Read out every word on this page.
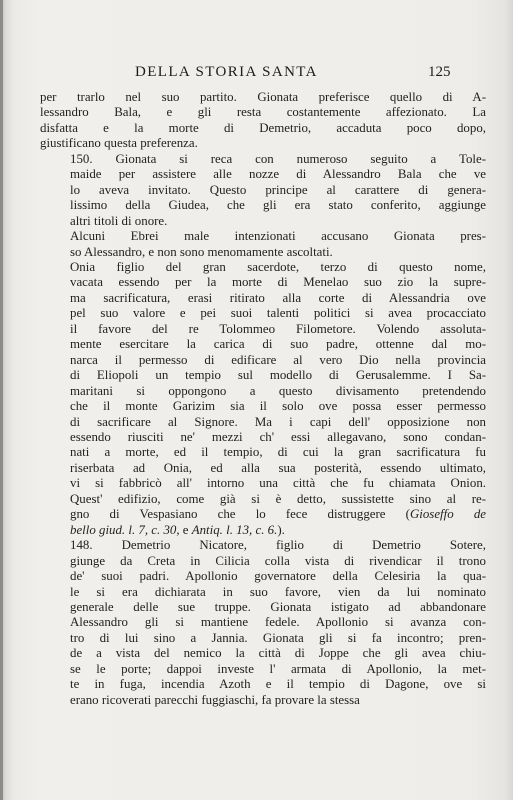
DELLA STORIA SANTA	125

per trarlo nel suo partito. Gionata preferisce quello di A-
lessandro Bala, e gli resta costantemente affezionato. La
disfatta e la morte di Demetrio, accaduta poco dopo,
giustificano questa preferenza.

150. Gionata si reca con numeroso seguito a Tole-
maide per assistere alle nozze di Alessandro Bala che ve
lo aveva invitato. Questo principe al carattere di genera-
lissimo della Giudea, che gli era stato conferito, aggiunge
altri titoli di onore.

Alcuni Ebrei male intenzionati accusano Gionata pres-
so Alessandro, e non sono menomamente ascoltati.

Onia figlio del gran sacerdote, terzo di questo nome,
vacata essendo per la morte di Menelao suo zio la supre-
ma sacrificatura, erasi ritirato alla corte di Alessandria ove
pel suo valore e pei suoi talenti politici si avea procacciato
il favore del re Tolommeo Filometore. Volendo assoluta-
mente esercitare la carica di suo padre, ottenne dal mo-
narca il permesso di edificare al vero Dio nella provincia
di Eliopoli un tempio sul modello di Gerusalemme. I Sa-
maritani si oppongono a questo divisamento pretendendo
che il monte Garizim sia il solo ove possa esser permesso
di sacrificare al Signore. Ma i capi dell' opposizione non
essendo riusciti ne' mezzi ch' essi allegavano, sono condan-
nati a morte, ed il tempio, di cui la gran sacrificatura fu
riserbata ad Onia, ed alla sua posterità, essendo ultimato,
vi si fabbricò all' intorno una città che fu chiamata Onion.
Quest' edifizio, come già si è detto, sussistette sino al re-
gno di Vespasiano che lo fece distruggere (Gioseffo de
bello giud. l. 7, c. 30, e Antiq. l. 13, c. 6.).

148. Demetrio Nicatore, figlio di Demetrio Sotere,
giunge da Creta in Cilicia colla vista di rivendicar il trono
de' suoi padri. Apollonio governatore della Celesiria la qua-
le si era dichiarata in suo favore, vien da lui nominato
generale delle sue truppe. Gionata istigato ad abbandonare
Alessandro gli si mantiene fedele. Apollonio si avanza con-
tro di lui sino a Jannia. Gionata gli si fa incontro; pren-
de a vista del nemico la città di Joppe che gli avea chiu-
se le porte; dappoi investe l' armata di Apollonio, la met-
te in fuga, incendia Azoth e il tempio di Dagone, ove si
erano ricoverati parecchi fuggiaschi, fa provare la stessa
